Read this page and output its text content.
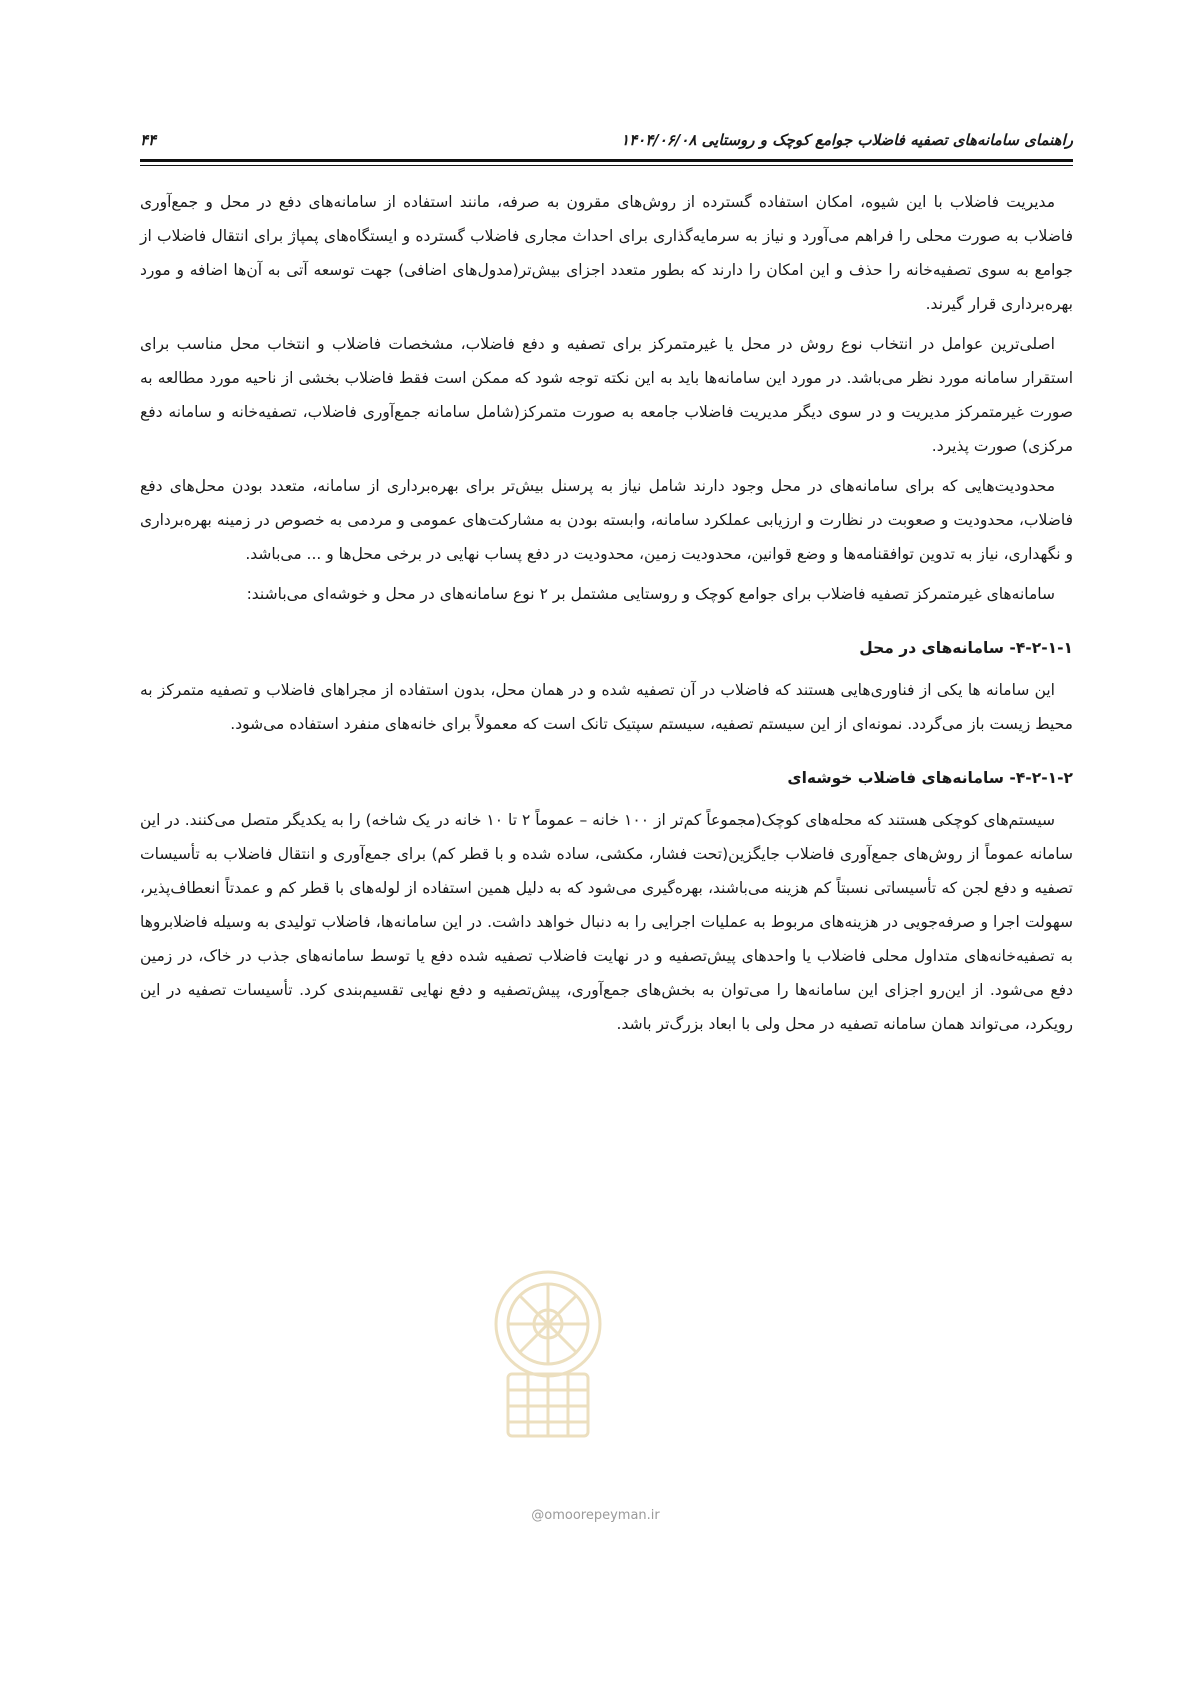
راهنمای سامانه‌های تصفیه فاضلاب جوامع کوچک و روستایی ۱۴۰۴/۰۶/۰۸
۴۴

مدیریت فاضلاب با این شیوه، امکان استفاده گسترده از روش‌های مقرون به صرفه، مانند استفاده از سامانه‌های دفع در محل و جمع‌آوری فاضلاب به صورت محلی را فراهم می‌آورد و نیاز به سرمایه‌گذاری برای احداث مجاری فاضلاب گسترده و ایستگاه‌های پمپاژ برای انتقال فاضلاب از جوامع به سوی تصفیه‌خانه را حذف و این امکان را دارند که بطور متعدد اجزای بیش‌تر(مدول‌های اضافی) جهت توسعه آتی به آن‌ها اضافه و مورد بهره‌برداری قرار گیرند.

اصلی‌ترین عوامل در انتخاب نوع روش در محل یا غیرمتمرکز برای تصفیه و دفع فاضلاب، مشخصات فاضلاب و انتخاب محل مناسب برای استقرار سامانه مورد نظر می‌باشد. در مورد این سامانه‌ها باید به این نکته توجه شود که ممکن است فقط فاضلاب بخشی از ناحیه مورد مطالعه به صورت غیرمتمرکز مدیریت و در سوی دیگر مدیریت فاضلاب جامعه به صورت متمرکز(شامل سامانه جمع‌آوری فاضلاب، تصفیه‌خانه و سامانه دفع مرکزی) صورت پذیرد.

محدودیت‌هایی که برای سامانه‌های در محل وجود دارند شامل نیاز به پرسنل بیش‌تر برای بهره‌برداری از سامانه، متعدد بودن محل‌های دفع فاضلاب، محدودیت و صعوبت در نظارت و ارزیابی عملکرد سامانه، وابسته بودن به مشارکت‌های عمومی و مردمی به خصوص در زمینه بهره‌برداری و نگهداری، نیاز به تدوین توافقنامه‌ها و وضع قوانین، محدودیت زمین، محدودیت در دفع پساب نهایی در برخی محل‌ها و ... می‌باشد.

سامانه‌های غیرمتمرکز تصفیه فاضلاب برای جوامع کوچک و روستایی مشتمل بر ۲ نوع سامانه‌های در محل و خوشه‌ای می‌باشند:

۴-۲-۱-۱- سامانه‌های در محل

این سامانه ها یکی از فناوری‌هایی هستند که فاضلاب در آن تصفیه شده و در همان محل، بدون استفاده از مجراهای فاضلاب و تصفیه متمرکز به محیط زیست باز می‌گردد. نمونه‌ای از این سیستم تصفیه، سیستم سپتیک تانک است که معمولاً برای خانه‌های منفرد استفاده می‌شود.

۴-۲-۱-۲- سامانه‌های فاضلاب خوشه‌ای

سیستم‌های کوچکی هستند که محله‌های کوچک(مجموعاً کم‌تر از ۱۰۰ خانه – عموماً ۲ تا ۱۰ خانه در یک شاخه) را به یکدیگر متصل می‌کنند. در این سامانه عموماً از روش‌های جمع‌آوری فاضلاب جایگزین(تحت فشار، مکشی، ساده شده و با قطر کم) برای جمع‌آوری و انتقال فاضلاب به تأسیسات تصفیه و دفع لجن که تأسیساتی نسبتاً کم هزینه می‌باشند، بهره‌گیری می‌شود که به دلیل همین استفاده از لوله‌های با قطر کم و عمدتاً انعطاف‌پذیر، سهولت اجرا و صرفه‌جویی در هزینه‌های مربوط به عملیات اجرایی را به دنبال خواهد داشت. در این سامانه‌ها، فاضلاب تولیدی به وسیله فاضلابروها به تصفیه‌خانه‌های متداول محلی فاضلاب یا واحدهای پیش‌تصفیه و در نهایت فاضلاب تصفیه شده دفع یا توسط سامانه‌های جذب در خاک، در زمین دفع می‌شود. از این‌رو اجزای این سامانه‌ها را می‌توان به بخش‌های جمع‌آوری، پیش‌تصفیه و دفع نهایی تقسیم‌بندی کرد. تأسیسات تصفیه در این رویکرد، می‌تواند همان سامانه تصفیه در محل ولی با ابعاد بزرگ‌تر باشد.

@omoorepeyman.ir
